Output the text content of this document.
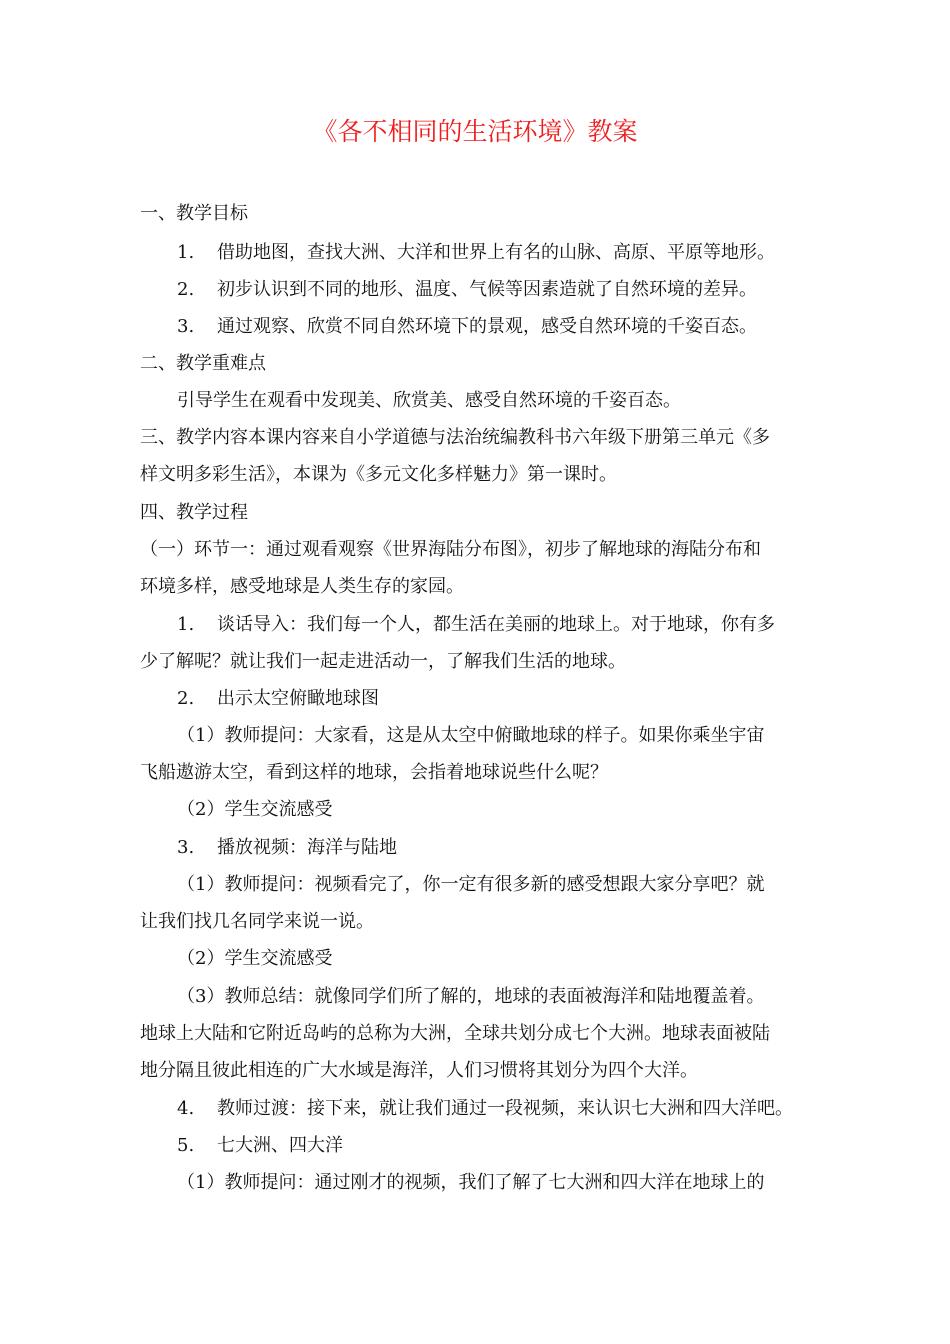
《各不相同的生活环境》教案
一、教学目标
1. 借助地图，查找大洲、大洋和世界上有名的山脉、高原、平原等地形。
2. 初步认识到不同的地形、温度、气候等因素造就了自然环境的差异。
3. 通过观察、欣赏不同自然环境下的景观，感受自然环境的千姿百态。
二、教学重难点
引导学生在观看中发现美、欣赏美、感受自然环境的千姿百态。
三、教学内容本课内容来自小学道德与法治统编教科书六年级下册第三单元《多
样文明多彩生活》，本课为《多元文化多样魅力》第一课时。
四、教学过程
（一）环节一：通过观看观察《世界海陆分布图》，初步了解地球的海陆分布和
环境多样，感受地球是人类生存的家园。
1. 谈话导入：我们每一个人，都生活在美丽的地球上。对于地球，你有多
少了解呢？就让我们一起走进活动一，了解我们生活的地球。
2. 出示太空俯瞰地球图
（1）教师提问：大家看，这是从太空中俯瞰地球的样子。如果你乘坐宇宙
飞船遨游太空，看到这样的地球，会指着地球说些什么呢？
（2）学生交流感受
3. 播放视频：海洋与陆地
（1）教师提问：视频看完了，你一定有很多新的感受想跟大家分享吧？就
让我们找几名同学来说一说。
（2）学生交流感受
（3）教师总结：就像同学们所了解的，地球的表面被海洋和陆地覆盖着。
地球上大陆和它附近岛屿的总称为大洲，全球共划分成七个大洲。地球表面被陆
地分隔且彼此相连的广大水域是海洋，人们习惯将其划分为四个大洋。
4. 教师过渡：接下来，就让我们通过一段视频，来认识七大洲和四大洋吧。
5. 七大洲、四大洋
（1）教师提问：通过刚才的视频，我们了解了七大洲和四大洋在地球上的
